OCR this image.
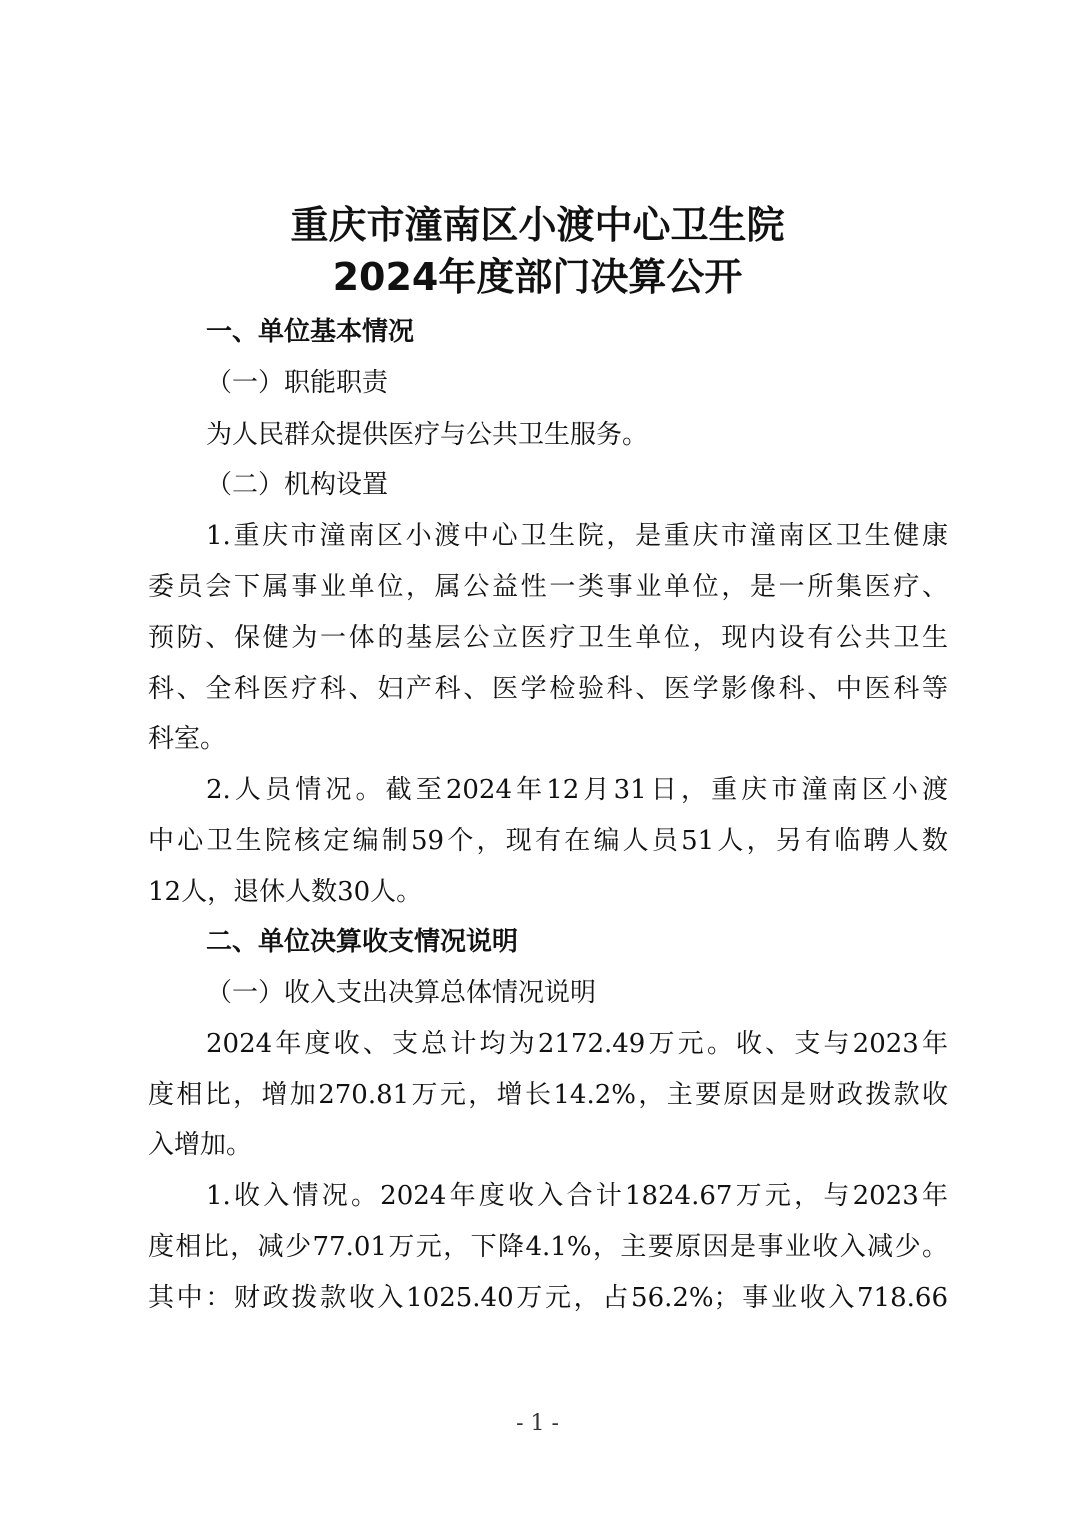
重庆市潼南区小渡中心卫生院
2024年度部门决算公开

一、单位基本情况

（一）职能职责

为人民群众提供医疗与公共卫生服务。

（二）机构设置

1.重庆市潼南区小渡中心卫生院，是重庆市潼南区卫生健康

委员会下属事业单位，属公益性一类事业单位，是一所集医疗、

预防、保健为一体的基层公立医疗卫生单位，现内设有公共卫生

科、全科医疗科、妇产科、医学检验科、医学影像科、中医科等

科室。

2.人员情况。截至2024年12月31日，重庆市潼南区小渡

中心卫生院核定编制59个，现有在编人员51人，另有临聘人数

12人，退休人数30人。

二、单位决算收支情况说明

（一）收入支出决算总体情况说明

2024年度收、支总计均为2172.49万元。收、支与2023年

度相比，增加270.81万元，增长14.2%，主要原因是财政拨款收

入增加。

1.收入情况。2024年度收入合计1824.67万元，与2023年

度相比，减少77.01万元，下降4.1%，主要原因是事业收入减少。

其中：财政拨款收入1025.40万元，占56.2%；事业收入718.66

- 1 -
